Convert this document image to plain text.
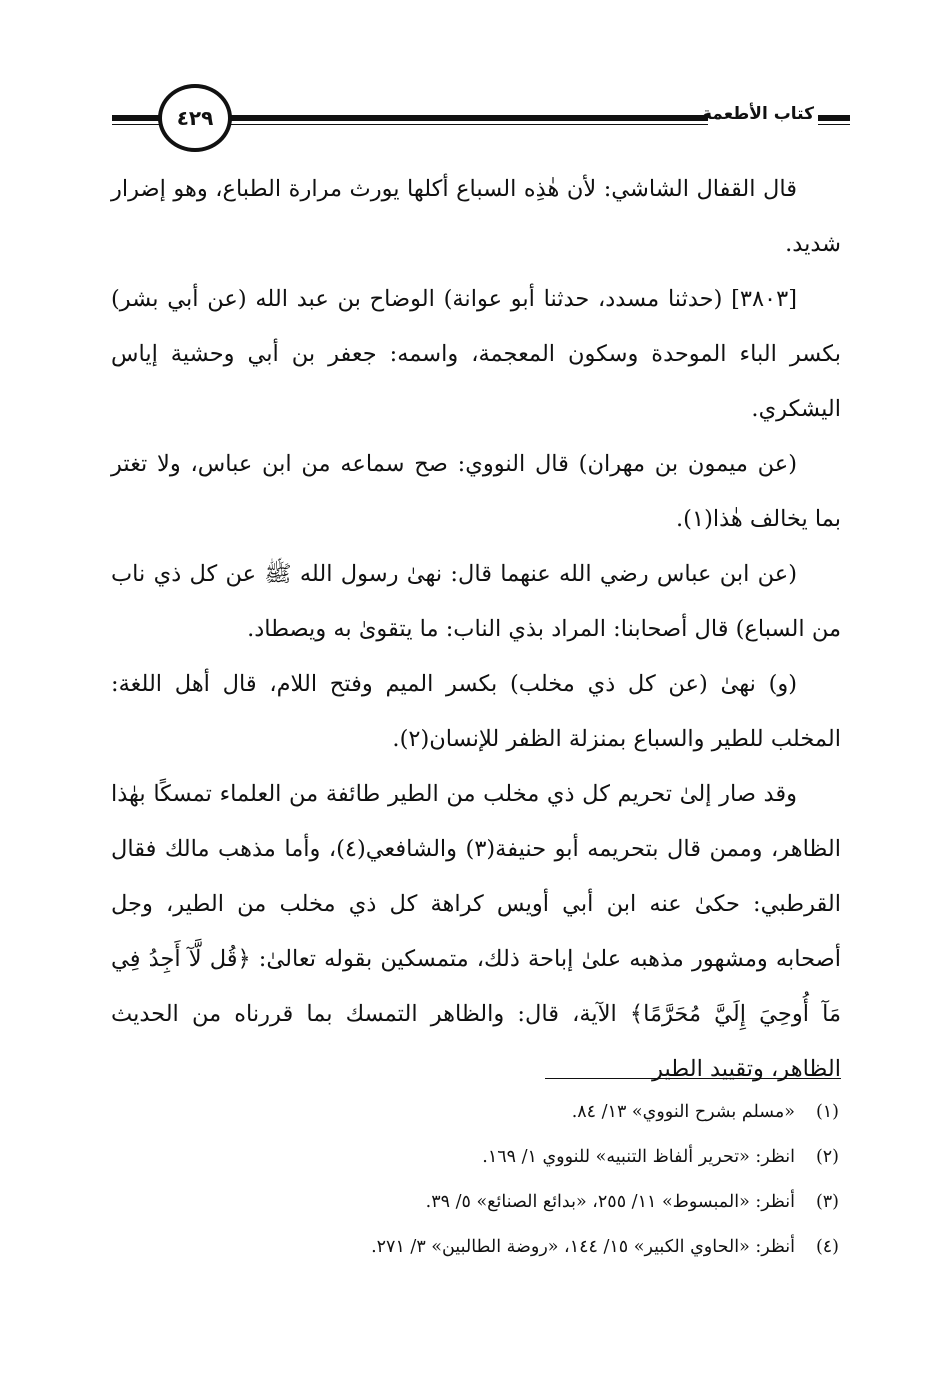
كتاب الأطعمة
٤٢٩

قال القفال الشاشي: لأن هٰذِه السباع أكلها يورث مرارة الطباع، وهو إضرار شديد.

[٣٨٠٣] (حدثنا مسدد، حدثنا أبو عوانة) الوضاح بن عبد الله (عن أبي بشر) بكسر الباء الموحدة وسكون المعجمة، واسمه: جعفر بن أبي وحشية إياس اليشكري.

(عن ميمون بن مهران) قال النووي: صح سماعه من ابن عباس، ولا تغتر بما يخالف هٰذا(١).

(عن ابن عباس رضي الله عنهما قال: نهىٰ رسول الله ﷺ عن كل ذي ناب من السباع) قال أصحابنا: المراد بذي الناب: ما يتقوىٰ به ويصطاد.

(و) نهىٰ (عن كل ذي مخلب) بكسر الميم وفتح اللام، قال أهل اللغة: المخلب للطير والسباع بمنزلة الظفر للإنسان(٢).

وقد صار إلىٰ تحريم كل ذي مخلب من الطير طائفة من العلماء تمسكًا بهٰذا الظاهر، وممن قال بتحريمه أبو حنيفة(٣) والشافعي(٤)، وأما مذهب مالك فقال القرطبي: حكىٰ عنه ابن أبي أويس كراهة كل ذي مخلب من الطير، وجل أصحابه ومشهور مذهبه علىٰ إباحة ذلك، متمسكين بقوله تعالىٰ: ﴿قُل لَّآ أَجِدُ فِي مَآ أُوحِيَ إِلَيَّ مُحَرَّمًا﴾ الآية، قال: والظاهر التمسك بما قررناه من الحديث الظاهر، وتقييد الطير

(١)«مسلم بشرح النووي» ١٣/ ٨٤.

(٢)انظر: «تحرير ألفاظ التنبيه» للنووي ١/ ١٦٩.

(٣)أنظر: «المبسوط» ١١/ ٢٥٥، «بدائع الصنائع» ٥/ ٣٩.

(٤)أنظر: «الحاوي الكبير» ١٥/ ١٤٤، «روضة الطالبين» ٣/ ٢٧١.
